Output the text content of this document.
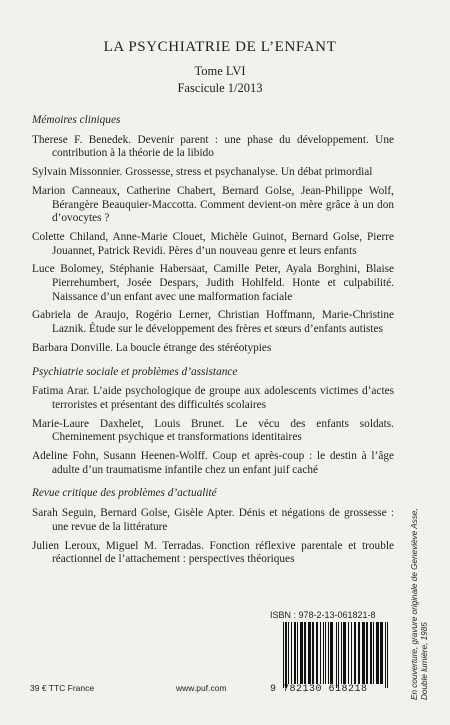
LA PSYCHIATRIE DE L’ENFANT
Tome LVI
Fascicule 1/2013
Mémoires cliniques
Therese F. Benedek. Devenir parent : une phase du développement. Une contribution à la théorie de la libido
Sylvain Missonnier. Grossesse, stress et psychanalyse. Un débat primordial
Marion Canneaux, Catherine Chabert, Bernard Golse, Jean-Philippe Wolf, Bérangère Beauquier-Maccotta. Comment devient-on mère grâce à un don d’ovocytes ?
Colette Chiland, Anne-Marie Clouet, Michèle Guinot, Bernard Golse, Pierre Jouannet, Patrick Revidi. Pères d’un nouveau genre et leurs enfants
Luce Bolomey, Stéphanie Habersaat, Camille Peter, Ayala Borghini, Blaise Pierrehumbert, Josée Despars, Judith Hohlfeld. Honte et culpabilité. Naissance d’un enfant avec une malformation faciale
Gabriela de Araujo, Rogério Lerner, Christian Hoffmann, Marie-Christine Laznik. Étude sur le développement des frères et sœurs d’enfants autistes
Barbara Donville. La boucle étrange des stéréotypies
Psychiatrie sociale et problèmes d’assistance
Fatima Arar. L’aide psychologique de groupe aux adolescents victimes d’actes terroristes et présentant des difficultés scolaires
Marie-Laure Daxhelet, Louis Brunet. Le vécu des enfants soldats. Cheminement psychique et transformations identitaires
Adeline Fohn, Susann Heenen-Wolff. Coup et après-coup : le destin à l’âge adulte d’un traumatisme infantile chez un enfant juif caché
Revue critique des problèmes d’actualité
Sarah Seguin, Bernard Golse, Gisèle Apter. Dénis et négations de grossesse : une revue de la littérature
Julien Leroux, Miguel M. Terradas. Fonction réflexive parentale et trouble réactionnel de l’attachement : perspectives théoriques
ISBN : 978-2-13-061821-8
9 782130 618218
39 € TTC France	www.puf.com	En couverture, gravure originale de Geneviève Asse, Double lumière, 1985
